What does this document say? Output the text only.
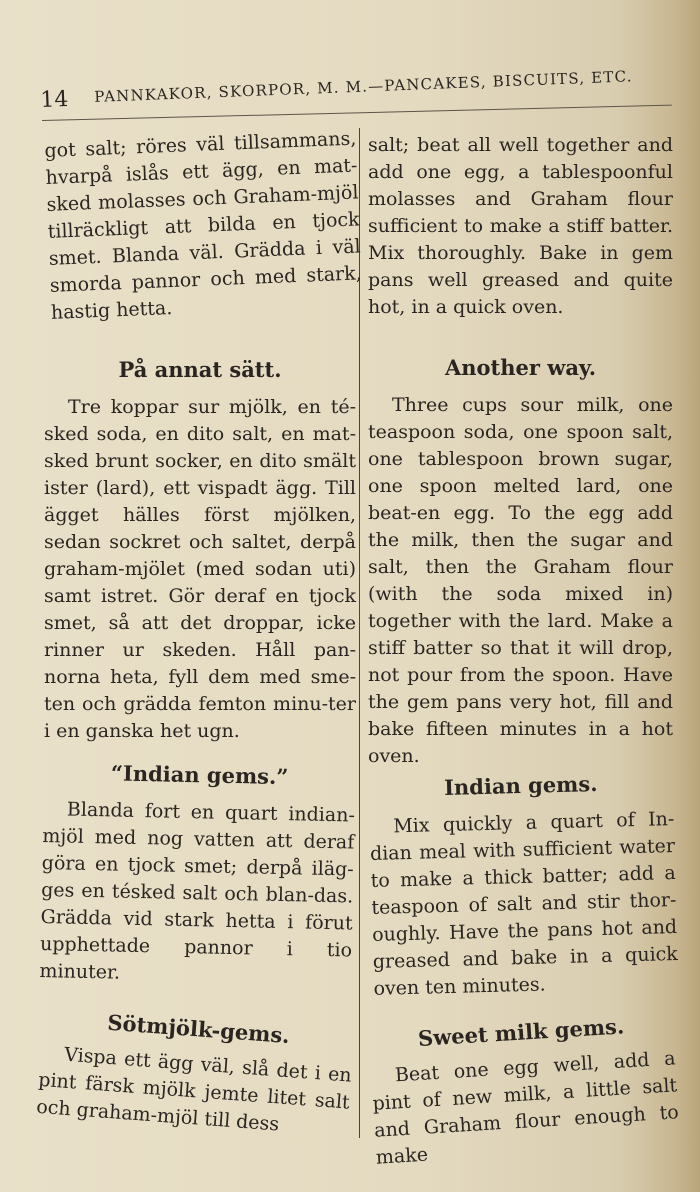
14 PANNKAKOR, SKORPOR, M. M.—PANCAKES, BISCUITS, ETC.

got salt; röres väl tillsammans, hvarpå islås ett ägg, en mat-sked molasses och Graham-mjöl tillräckligt att bilda en tjock smet. Blanda väl. Grädda i väl smorda pannor och med stark, hastig hetta.

På annat sätt.

Tre koppar sur mjölk, en té-sked soda, en dito salt, en mat-sked brunt socker, en dito smält ister (lard), ett vispadt ägg. Till ägget hälles först mjölken, sedan sockret och saltet, derpå graham-mjölet (med sodan uti) samt istret. Gör deraf en tjock smet, så att det droppar, icke rinner ur skeden. Håll pan-norna heta, fyll dem med sme-ten och grädda femton minu-ter i en ganska het ugn.

“Indian gems.”

Blanda fort en quart indian-mjöl med nog vatten att deraf göra en tjock smet; derpå iläg-ges en tésked salt och blan-das. Grädda vid stark hetta i förut upphettade pannor i tio minuter.

Sötmjölk-gems.

Vispa ett ägg väl, slå det i en pint färsk mjölk jemte litet salt och graham-mjöl till dess

salt; beat all well together and add one egg, a tablespoonful molasses and Graham flour sufficient to make a stiff batter. Mix thoroughly. Bake in gem pans well greased and quite hot, in a quick oven.

Another way.

Three cups sour milk, one teaspoon soda, one spoon salt, one tablespoon brown sugar, one spoon melted lard, one beat-en egg. To the egg add the milk, then the sugar and salt, then the Graham flour (with the soda mixed in) together with the lard. Make a stiff batter so that it will drop, not pour from the spoon. Have the gem pans very hot, fill and bake fifteen minutes in a hot oven.

Indian gems.

Mix quickly a quart of In-dian meal with sufficient water to make a thick batter; add a teaspoon of salt and stir thor-oughly. Have the pans hot and greased and bake in a quick oven ten minutes.

Sweet milk gems.

Beat one egg well, add a pint of new milk, a little salt and Graham flour enough to make
